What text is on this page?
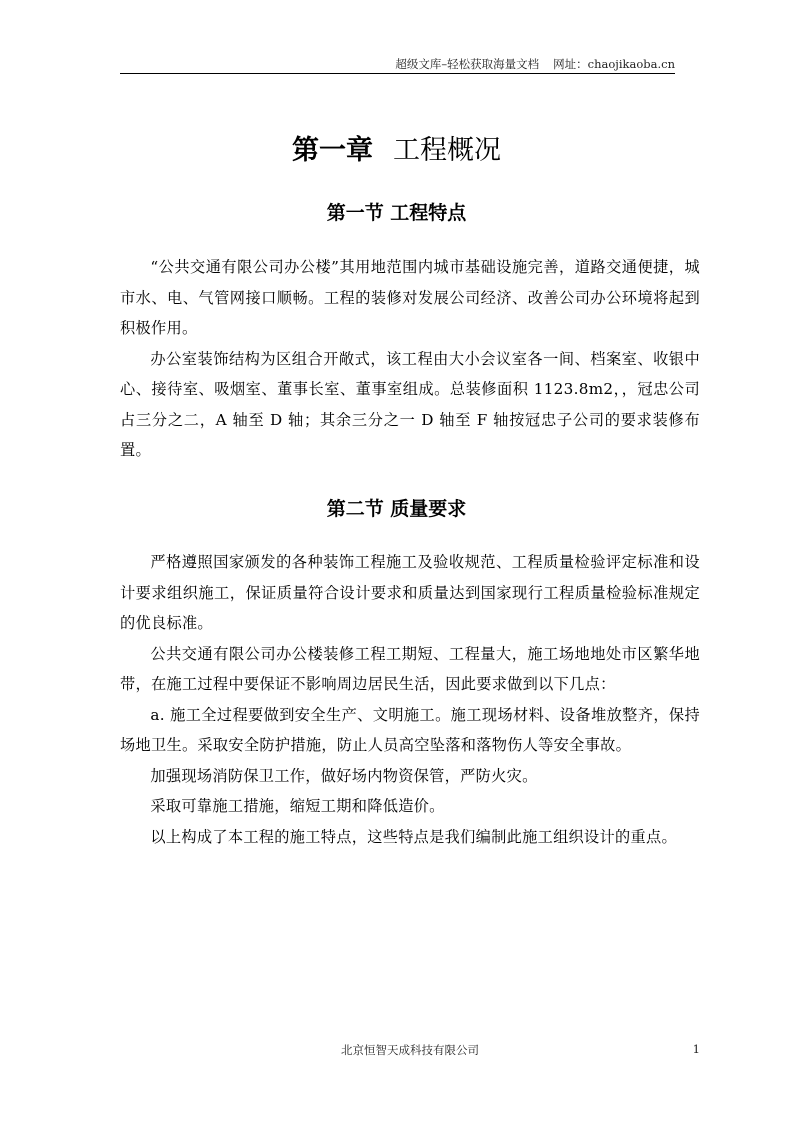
超级文库–轻松获取海量文档 网址：chaojikaoba.cn
第一章 工程概况
第一节 工程特点

“公共交通有限公司办公楼”其用地范围内城市基础设施完善，道路交通便捷，城市水、电、气管网接口顺畅。工程的装修对发展公司经济、改善公司办公环境将起到积极作用。

办公室装饰结构为区组合开敞式，该工程由大小会议室各一间、档案室、收银中心、接待室、吸烟室、董事长室、董事室组成。总装修面积 1123.8m2，，冠忠公司占三分之二，A 轴至 D 轴；其余三分之一 D 轴至 F 轴按冠忠子公司的要求装修布置。

第二节 质量要求

严格遵照国家颁发的各种装饰工程施工及验收规范、工程质量检验评定标准和设计要求组织施工，保证质量符合设计要求和质量达到国家现行工程质量检验标准规定的优良标准。

公共交通有限公司办公楼装修工程工期短、工程量大，施工场地地处市区繁华地带，在施工过程中要保证不影响周边居民生活，因此要求做到以下几点：

a. 施工全过程要做到安全生产、文明施工。施工现场材料、设备堆放整齐，保持场地卫生。采取安全防护措施，防止人员高空坠落和落物伤人等安全事故。

加强现场消防保卫工作，做好场内物资保管，严防火灾。

采取可靠施工措施，缩短工期和降低造价。

以上构成了本工程的施工特点，这些特点是我们编制此施工组织设计的重点。

北京恒智天成科技有限公司	1
